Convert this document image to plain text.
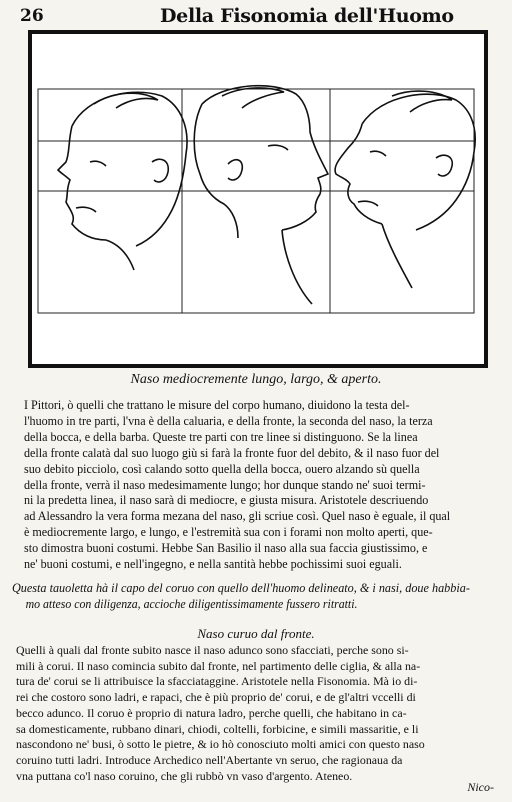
26	Della Fisonomia dell'Huomo
Naso mediocremente lungo, largo, & aperto.
I Pittori, ò quelli che trattano le misure del corpo humano, diuidono la testa del-
l'huomo in tre parti, l'vna è della caluaria, e della fronte, la seconda del naso, la terza
della bocca, e della barba. Queste tre parti con tre linee si distinguono. Se la linea
della fronte calatà dal suo luogo giù si farà la fronte fuor del debito, & il naso fuor del
suo debito picciolo, così calando sotto quella della bocca, ouero alzando sù quella
della fronte, verrà il naso medesimamente lungo; hor dunque stando ne' suoi termi-
ni la predetta linea, il naso sarà di mediocre, e giusta misura. Aristotele descriuendo
ad Alessandro la vera forma mezana del naso, gli scriue così. Quel naso è eguale, il qual
è mediocremente largo, e lungo, e l'estremità sua con i forami non molto aperti, que-
sto dimostra buoni costumi. Hebbe San Basilio il naso alla sua faccia giustissimo, e
ne' buoni costumi, e nell'ingegno, e nella santità hebbe pochissimi suoi eguali.
Questa tauoletta hà il capo del coruo con quello dell'huomo delineato, & i nasi, doue habbia-
mo atteso con diligenza, accioche diligentissimamente fussero ritratti.
Naso curuo dal fronte.
Quelli à quali dal fronte subito nasce il naso adunco sono sfacciati, perche sono si-
mili à corui. Il naso comincia subito dal fronte, nel partimento delle ciglia, & alla na-
tura de' corui se li attribuisce la sfacciataggine. Aristotele nella Fisonomia. Mà io di-
rei che costoro sono ladri, e rapaci, che è più proprio de' corui, e de gl'altri vccelli di
becco adunco. Il coruo è proprio di natura ladro, perche quelli, che habitano in ca-
sa domesticamente, rubbano dinari, chiodi, coltelli, forbicine, e simili massaritie, e li
nascondono ne' busi, ò sotto le pietre, & io hò conosciuto molti amici con questo naso
coruino tutti ladri. Introduce Archedico nell'Abertante vn seruo, che ragionaua da
vna puttana co'l naso coruino, che gli rubbò vn vaso d'argento. Ateneo.
Nico-
